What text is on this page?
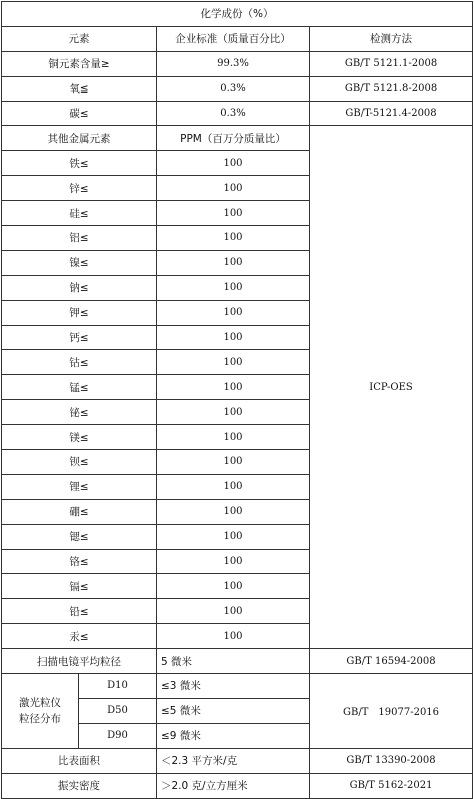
化学成份（%）			
元素		企业标准（质量百分比）	检测方法
铜元素含量≥		99.3%	GB/T 5121.1-2008
氧≦		0.3%	GB/T 5121.8-2008
碳≤		0.3%	GB/T-5121.4-2008
其他金属元素		PPM（百万分质量比）	ICP-OES
铁≤		100	
锌≤		100	
硅≤		100	
铝≤		100	
镍≤		100	
钠≤		100	
钾≤		100	
钙≤		100	
钴≤		100	
锰≤		100	
铋≤		100	
镁≤		100	
钡≤		100	
锂≤		100	
硼≤		100	
锶≤		100	
铬≤		100	
镉≤		100	
铅≤		100	
汞≤		100	
扫描电镜平均粒径		5 微米	GB/T 16594-2008
激光粒仪
粒径分布	D10	≤3 微米	GB/T　19077-2016
	D50	≤5 微米	
	D90	≤9 微米	
比表面积		＜2.3 平方米/克	GB/T 13390-2008
振实密度		＞2.0 克/立方厘米	GB/T 5162-2021
